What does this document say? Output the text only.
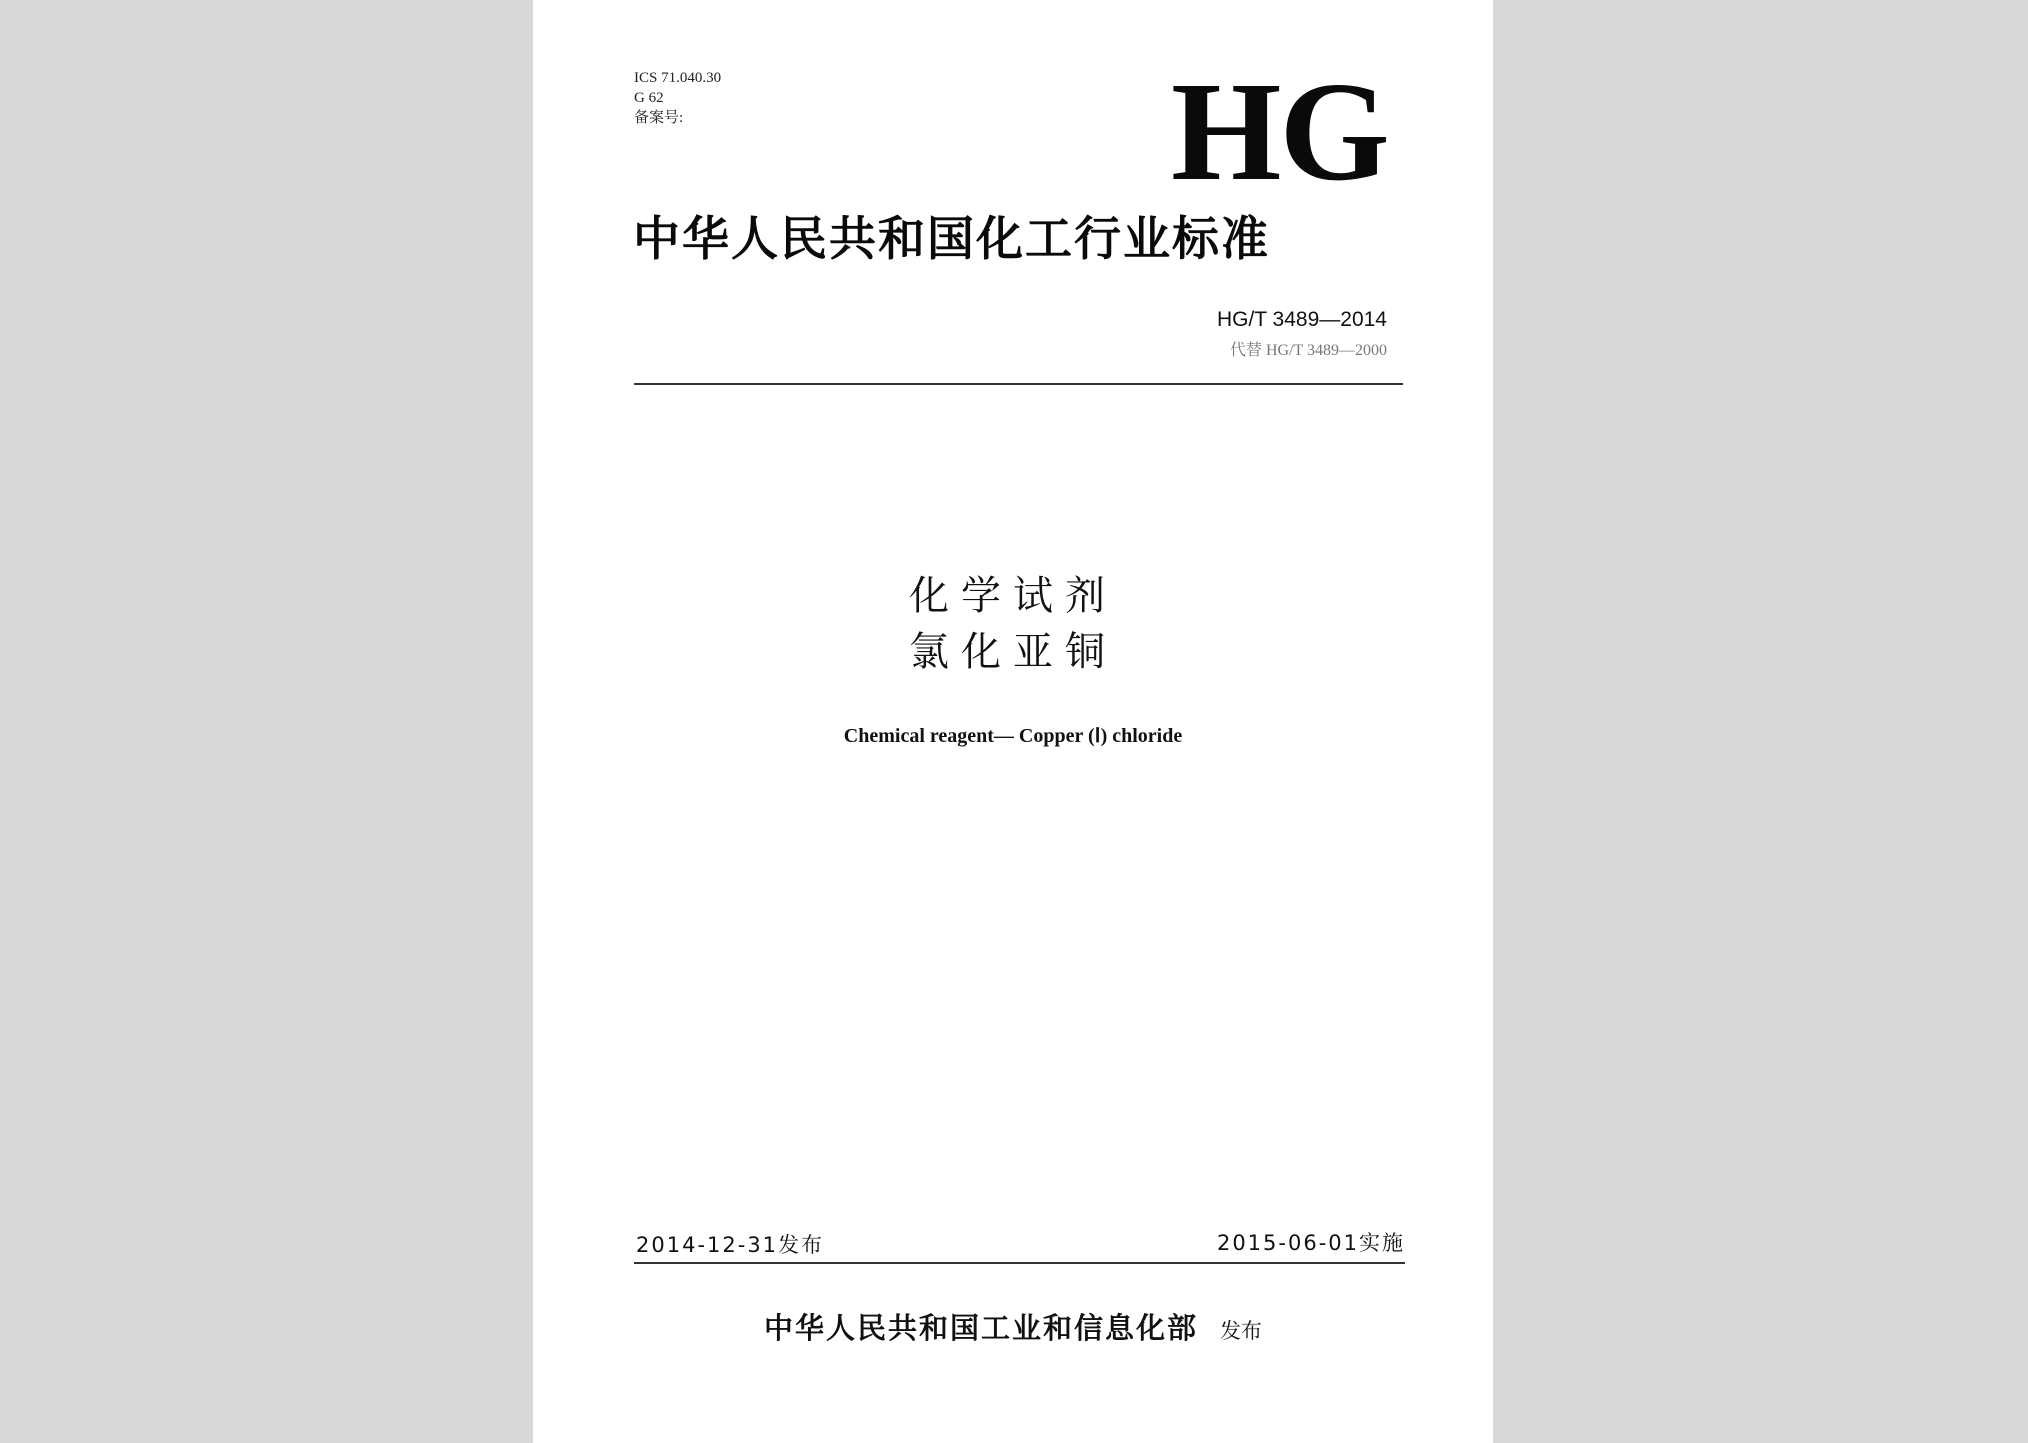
ICS 71.040.30
G 62
备案号:	HG
中华人民共和国化工行业标准
HG/T 3489—2014
代替 HG/T 3489—2000
化学试剂
氯化亚铜
Chemical reagent— Copper (Ⅰ) chloride
2014-12-31发布	2015-06-01实施
中华人民共和国工业和信息化部 发布
